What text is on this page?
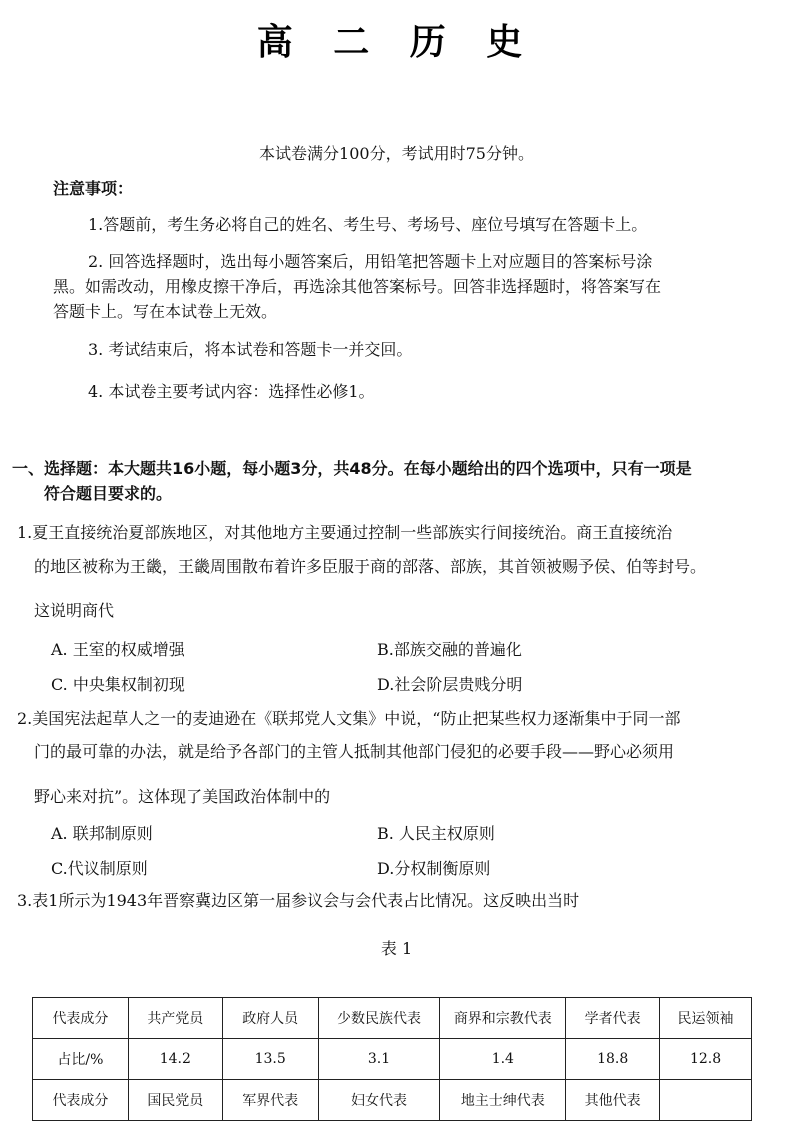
高 二 历 史
本试卷满分100分，考试用时75分钟。
注意事项：
1.答题前，考生务必将自己的姓名、考生号、考场号、座位号填写在答题卡上。
2. 回答选择题时，选出每小题答案后，用铅笔把答题卡上对应题目的答案标号涂
黑。如需改动，用橡皮擦干净后，再选涂其他答案标号。回答非选择题时，将答案写在
答题卡上。写在本试卷上无效。
3. 考试结束后，将本试卷和答题卡一并交回。
4. 本试卷主要考试内容：选择性必修1。
一、选择题：本大题共16小题，每小题3分，共48分。在每小题给出的四个选项中，只有一项是
符合题目要求的。
1.夏王直接统治夏部族地区，对其他地方主要通过控制一些部族实行间接统治。商王直接统治
的地区被称为王畿，王畿周围散布着许多臣服于商的部落、部族，其首领被赐予侯、伯等封号。
这说明商代
A. 王室的权威增强	B.部族交融的普遍化
C. 中央集权制初现	D.社会阶层贵贱分明
2.美国宪法起草人之一的麦迪逊在《联邦党人文集》中说，“防止把某些权力逐渐集中于同一部
门的最可靠的办法，就是给予各部门的主管人抵制其他部门侵犯的必要手段——野心必须用
野心来对抗”。这体现了美国政治体制中的
A. 联邦制原则	B. 人民主权原则
C.代议制原则	D.分权制衡原则
3.表1所示为1943年晋察冀边区第一届参议会与会代表占比情况。这反映出当时
表 1
代表成分	共产党员	政府人员	少数民族代表	商界和宗教代表	学者代表	民运领袖
占比/%	14.2	13.5	3.1	1.4	18.8	12.8
代表成分	国民党员	军界代表	妇女代表	地主士绅代表	其他代表	
